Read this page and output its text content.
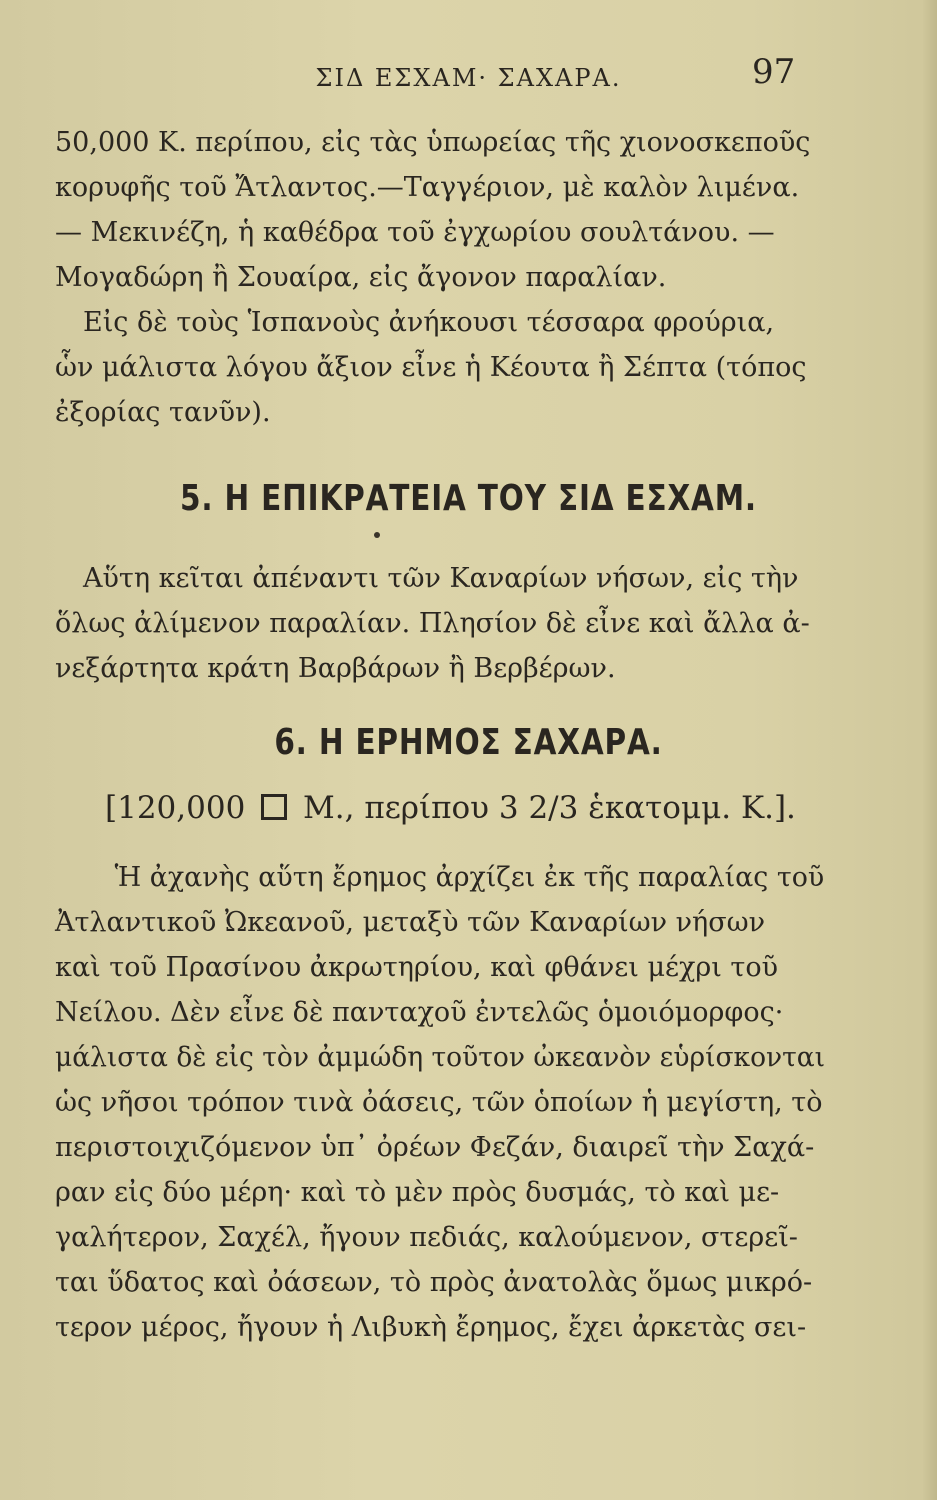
ΣΙΔ ΕΣΧΑΜ· ΣΑΧΑΡΑ.	97
50,000 Κ. περίπου, εἰς τὰς ὑπωρείας τῆς χιονοσκεποῦς
κορυφῆς τοῦ Ἄτλαντος.—Ταγγέριον, μὲ καλὸν λιμένα.
— Μεκινέζη, ἡ καθέδρα τοῦ ἐγχωρίου σουλτάνου. —
Μογαδώρη ἢ Σουαίρα, εἰς ἄγονον παραλίαν.
Εἰς δὲ τοὺς Ἱσπανοὺς ἀνήκουσι τέσσαρα φρούρια,
ὧν μάλιστα λόγου ἄξιον εἶνε ἡ Κέουτα ἢ Σέπτα (τόπος
ἐξορίας τανῦν).
5. Η ΕΠΙΚΡΑΤΕΙΑ ΤΟΥ ΣΙΔ ΕΣΧΑΜ.
Αὕτη κεῖται ἀπέναντι τῶν Καναρίων νήσων, εἰς τὴν
ὅλως ἀλίμενον παραλίαν. Πλησίον δὲ εἶνε καὶ ἄλλα ἀ-
νεξάρτητα κράτη Βαρβάρων ἢ Βερβέρων.
6. Η ΕΡΗΜΟΣ ΣΑΧΑΡΑ.
[120,000 Μ., περίπου 3 2/3 ἑκατομμ. Κ.].
Ἡ ἀχανὴς αὕτη ἔρημος ἀρχίζει ἐκ τῆς παραλίας τοῦ
Ἀτλαντικοῦ Ὠκεανοῦ, μεταξὺ τῶν Καναρίων νήσων
καὶ τοῦ Πρασίνου ἀκρωτηρίου, καὶ φθάνει μέχρι τοῦ
Νείλου. Δὲν εἶνε δὲ πανταχοῦ ἐντελῶς ὁμοιόμορφος·
μάλιστα δὲ εἰς τὸν ἀμμώδη τοῦτον ὠκεανὸν εὑρίσκονται
ὡς νῆσοι τρόπον τινὰ ὀάσεις, τῶν ὁποίων ἡ μεγίστη, τὸ
περιστοιχιζόμενον ὑπ᾽ ὀρέων Φεζάν, διαιρεῖ τὴν Σαχά-
ραν εἰς δύο μέρη· καὶ τὸ μὲν πρὸς δυσμάς, τὸ καὶ με-
γαλήτερον, Σαχέλ, ἤγουν πεδιάς, καλούμενον, στερεῖ-
ται ὕδατος καὶ ὀάσεων, τὸ πρὸς ἀνατολὰς ὅμως μικρό-
τερον μέρος, ἤγουν ἡ Λιβυκὴ ἔρημος, ἔχει ἀρκετὰς σει-
